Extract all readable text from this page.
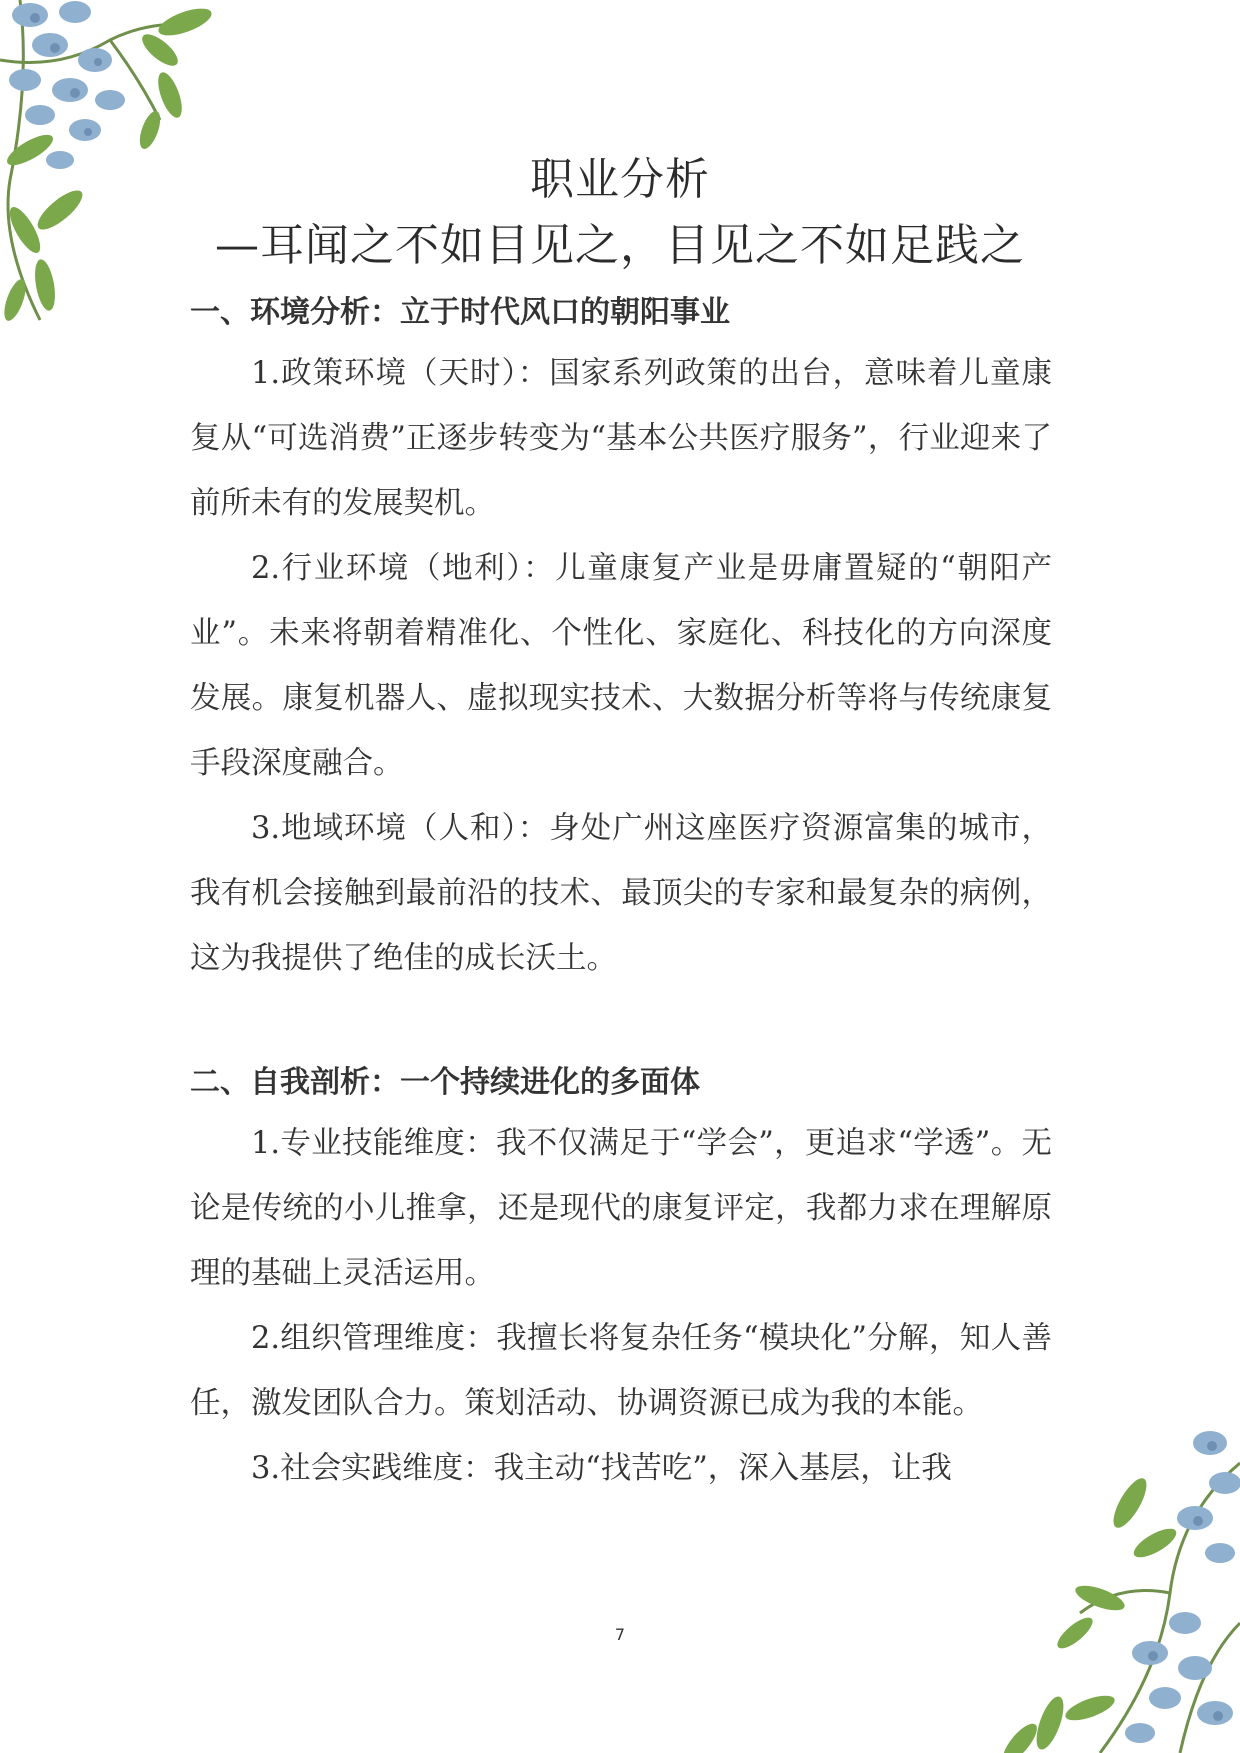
职业分析
—耳闻之不如目见之，目见之不如足践之
一、环境分析：立于时代风口的朝阳事业

1.政策环境（天时）：国家系列政策的出台，意味着儿童康复从“可选消费”正逐步转变为“基本公共医疗服务”，行业迎来了前所未有的发展契机。

2.行业环境（地利）：儿童康复产业是毋庸置疑的“朝阳产业”。未来将朝着精准化、个性化、家庭化、科技化的方向深度发展。康复机器人、虚拟现实技术、大数据分析等将与传统康复手段深度融合。

3.地域环境（人和）：身处广州这座医疗资源富集的城市，我有机会接触到最前沿的技术、最顶尖的专家和最复杂的病例，这为我提供了绝佳的成长沃土。

二、自我剖析：一个持续进化的多面体

1.专业技能维度：我不仅满足于“学会”，更追求“学透”。无论是传统的小儿推拿，还是现代的康复评定，我都力求在理解原理的基础上灵活运用。

2.组织管理维度：我擅长将复杂任务“模块化”分解，知人善任，激发团队合力。策划活动、协调资源已成为我的本能。

3.社会实践维度：我主动“找苦吃”，深入基层，让我

7
